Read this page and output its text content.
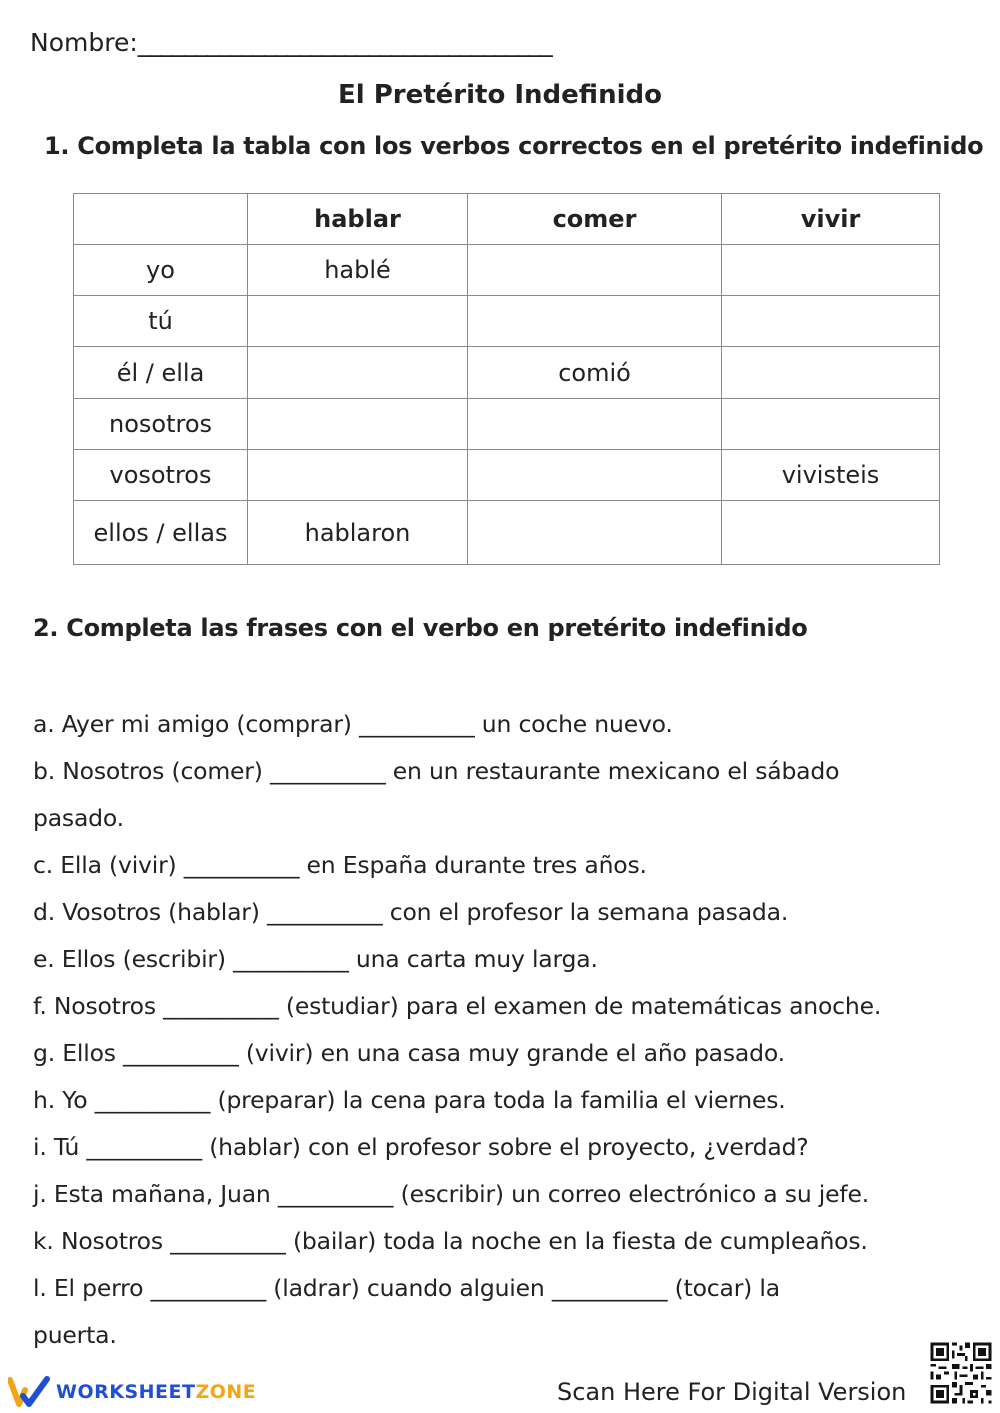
Nombre:____________________________________
El Pretérito Indefinido
1. Completa la tabla con los verbos correctos en el pretérito indefinido
	hablar	comer	vivir
yo	hablé		
tú			
él / ella		comió	
nosotros			
vosotros			vivisteis
ellos / ellas	hablaron		
2. Completa las frases con el verbo en pretérito indefinido
a. Ayer mi amigo (comprar) __________ un coche nuevo.
b. Nosotros (comer) __________ en un restaurante mexicano el sábado
pasado.
c. Ella (vivir) __________ en España durante tres años.
d. Vosotros (hablar) __________ con el profesor la semana pasada.
e. Ellos (escribir) __________ una carta muy larga.
f. Nosotros __________ (estudiar) para el examen de matemáticas anoche.
g. Ellos __________ (vivir) en una casa muy grande el año pasado.
h. Yo __________ (preparar) la cena para toda la familia el viernes.
i. Tú __________ (hablar) con el profesor sobre el proyecto, ¿verdad?
j. Esta mañana, Juan __________ (escribir) un correo electrónico a su jefe.
k. Nosotros __________ (bailar) toda la noche en la fiesta de cumpleaños.
l. El perro __________ (ladrar) cuando alguien __________ (tocar) la
puerta.
WORKSHEETZONE	Scan Here For Digital Version
